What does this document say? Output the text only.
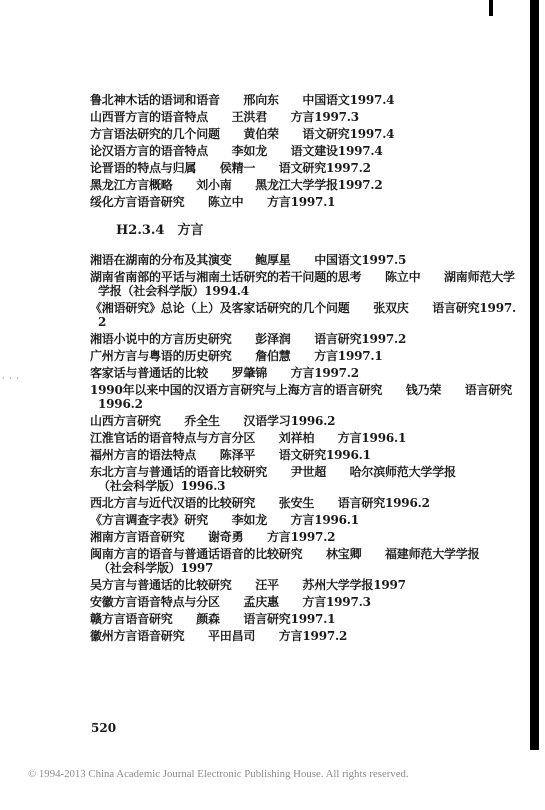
· · ·
鲁北神木话的语词和语音　　邢向东　　中国语文1997.4
山西晋方言的语音特点　　王洪君　　方言1997.3
方言语法研究的几个问题　　黄伯荣　　语文研究1997.4
论汉语方言的语音特点　　李如龙　　语文建设1997.4
论晋语的特点与归属　　侯精一　　语文研究1997.2
黑龙江方言概略　　刘小南　　黑龙江大学学报1997.2
绥化方言语音研究　　陈立中　　方言1997.1
H2.3.4　方言
湘语在湖南的分布及其演变　　鲍厚星　　中国语文1997.5
湖南省南部的平话与湘南土话研究的若干问题的思考　　陈立中　　湖南师范大学
学报（社会科学版）1994.4
《湘语研究》总论（上）及客家话研究的几个问题　　张双庆　　语言研究1997.
2
湘语小说中的方言历史研究　　彭泽润　　语言研究1997.2
广州方言与粤语的历史研究　　詹伯慧　　方言1997.1
客家话与普通话的比较　　罗肇锦　　方言1997.2
1990年以来中国的汉语方言研究与上海方言的语言研究　　钱乃荣　　语言研究
1996.2
山西方言研究　　乔全生　　汉语学习1996.2
江淮官话的语音特点与方言分区　　刘祥柏　　方言1996.1
福州方言的语法特点　　陈泽平　　语文研究1996.1
东北方言与普通话的语音比较研究　　尹世超　　哈尔滨师范大学学报
（社会科学版）1996.3
西北方言与近代汉语的比较研究　　张安生　　语言研究1996.2
《方言调查字表》研究　　李如龙　　方言1996.1
湘南方言语音研究　　谢奇勇　　方言1997.2
闽南方言的语音与普通话语音的比较研究　　林宝卿　　福建师范大学学报
（社会科学版）1997
吴方言与普通话的比较研究　　汪平　　苏州大学学报1997
安徽方言语音特点与分区　　孟庆惠　　方言1997.3
赣方言语音研究　　颜森　　语言研究1997.1
徽州方言语音研究　　平田昌司　　方言1997.2
520
© 1994-2013 China Academic Journal Electronic Publishing House. All rights reserved.
